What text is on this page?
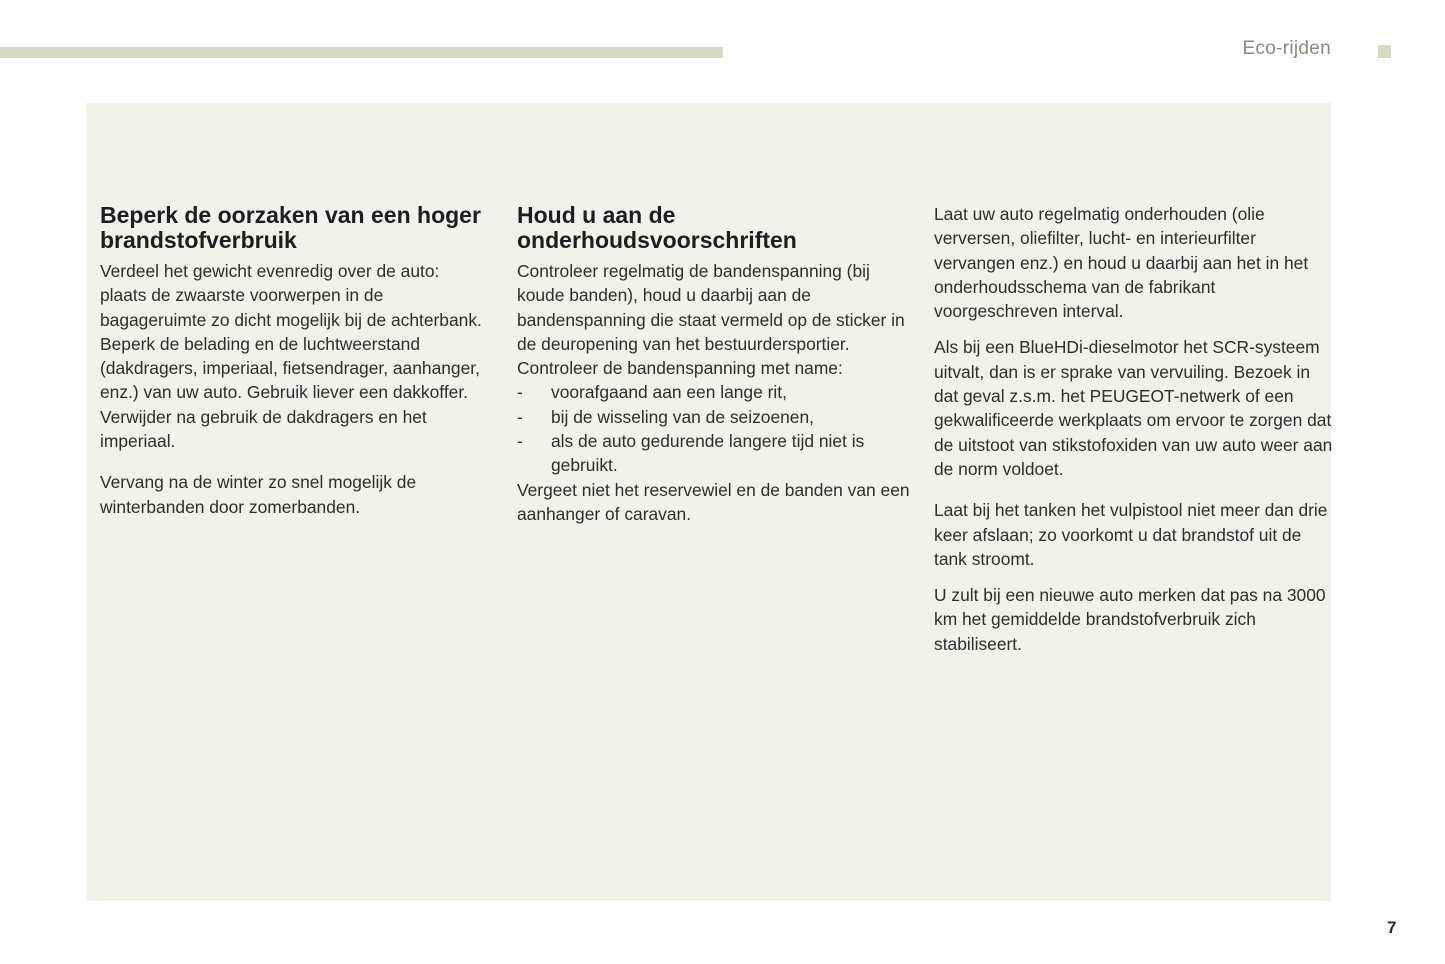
Eco-rijden
Beperk de oorzaken van een hoger brandstofverbruik

Verdeel het gewicht evenredig over de auto: plaats de zwaarste voorwerpen in de bagageruimte zo dicht mogelijk bij de achterbank.

Beperk de belading en de luchtweerstand (dakdragers, imperiaal, fietsendrager, aanhanger, enz.) van uw auto. Gebruik liever een dakkoffer.

Verwijder na gebruik de dakdragers en het imperiaal.

Vervang na de winter zo snel mogelijk de winterbanden door zomerbanden.

Houd u aan de onderhoudsvoorschriften

Controleer regelmatig de bandenspanning (bij koude banden), houd u daarbij aan de bandenspanning die staat vermeld op de sticker in de deuropening van het bestuurdersportier.

Controleer de bandenspanning met name:

- voorafgaand aan een lange rit,
- bij de wisseling van de seizoenen,
- als de auto gedurende langere tijd niet is gebruikt.

Vergeet niet het reservewiel en de banden van een aanhanger of caravan.

Laat uw auto regelmatig onderhouden (olie verversen, oliefilter, lucht- en interieurfilter vervangen enz.) en houd u daarbij aan het in het onderhoudsschema van de fabrikant voorgeschreven interval.

Als bij een BlueHDi-dieselmotor het SCR-systeem uitvalt, dan is er sprake van vervuiling. Bezoek in dat geval z.s.m. het PEUGEOT-netwerk of een gekwalificeerde werkplaats om ervoor te zorgen dat de uitstoot van stikstofoxiden van uw auto weer aan de norm voldoet.

Laat bij het tanken het vulpistool niet meer dan drie keer afslaan; zo voorkomt u dat brandstof uit de tank stroomt.

U zult bij een nieuwe auto merken dat pas na 3000 km het gemiddelde brandstofverbruik zich stabiliseert.

7
